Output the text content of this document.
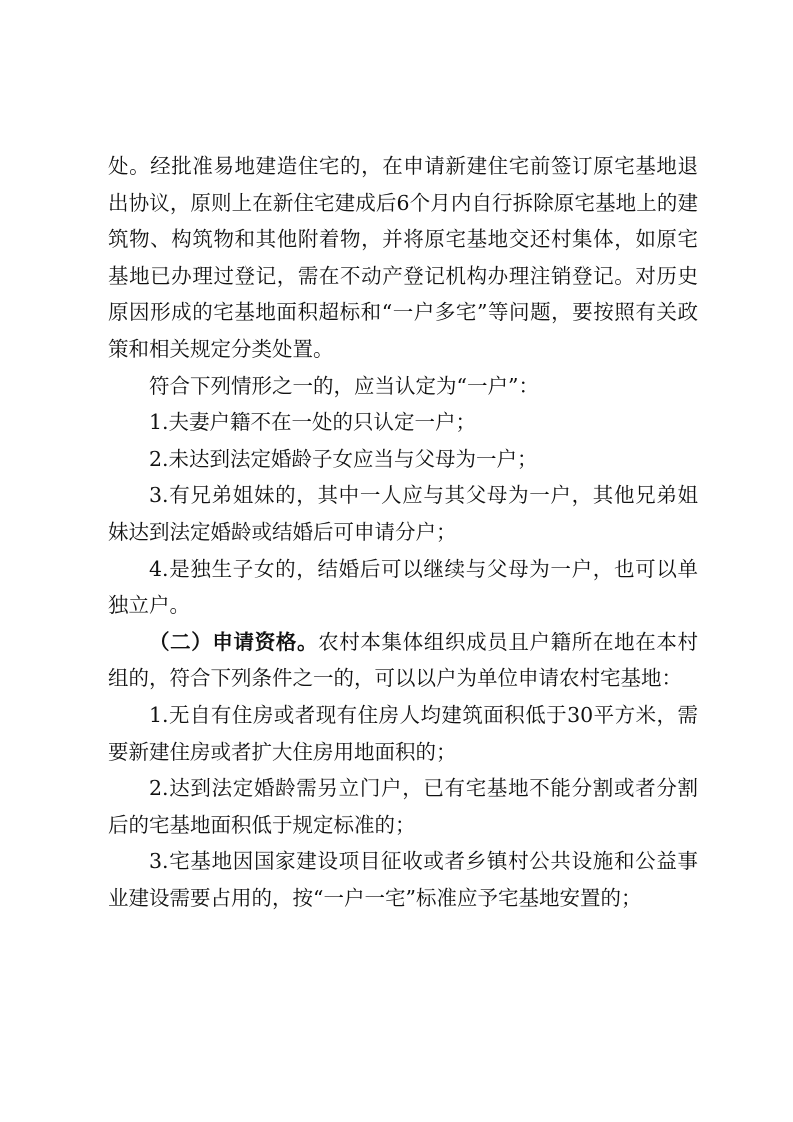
处。经批准易地建造住宅的，在申请新建住宅前签订原宅基地退出协议，原则上在新住宅建成后6个月内自行拆除原宅基地上的建筑物、构筑物和其他附着物，并将原宅基地交还村集体，如原宅基地已办理过登记，需在不动产登记机构办理注销登记。对历史原因形成的宅基地面积超标和“一户多宅”等问题，要按照有关政策和相关规定分类处置。

符合下列情形之一的，应当认定为“一户”：

1.夫妻户籍不在一处的只认定一户；

2.未达到法定婚龄子女应当与父母为一户；

3.有兄弟姐妹的，其中一人应与其父母为一户，其他兄弟姐妹达到法定婚龄或结婚后可申请分户；

4.是独生子女的，结婚后可以继续与父母为一户，也可以单独立户。

（二）申请资格。农村本集体组织成员且户籍所在地在本村组的，符合下列条件之一的，可以以户为单位申请农村宅基地：

1.无自有住房或者现有住房人均建筑面积低于30平方米，需要新建住房或者扩大住房用地面积的；

2.达到法定婚龄需另立门户，已有宅基地不能分割或者分割后的宅基地面积低于规定标准的；

3.宅基地因国家建设项目征收或者乡镇村公共设施和公益事业建设需要占用的，按“一户一宅”标准应予宅基地安置的；
